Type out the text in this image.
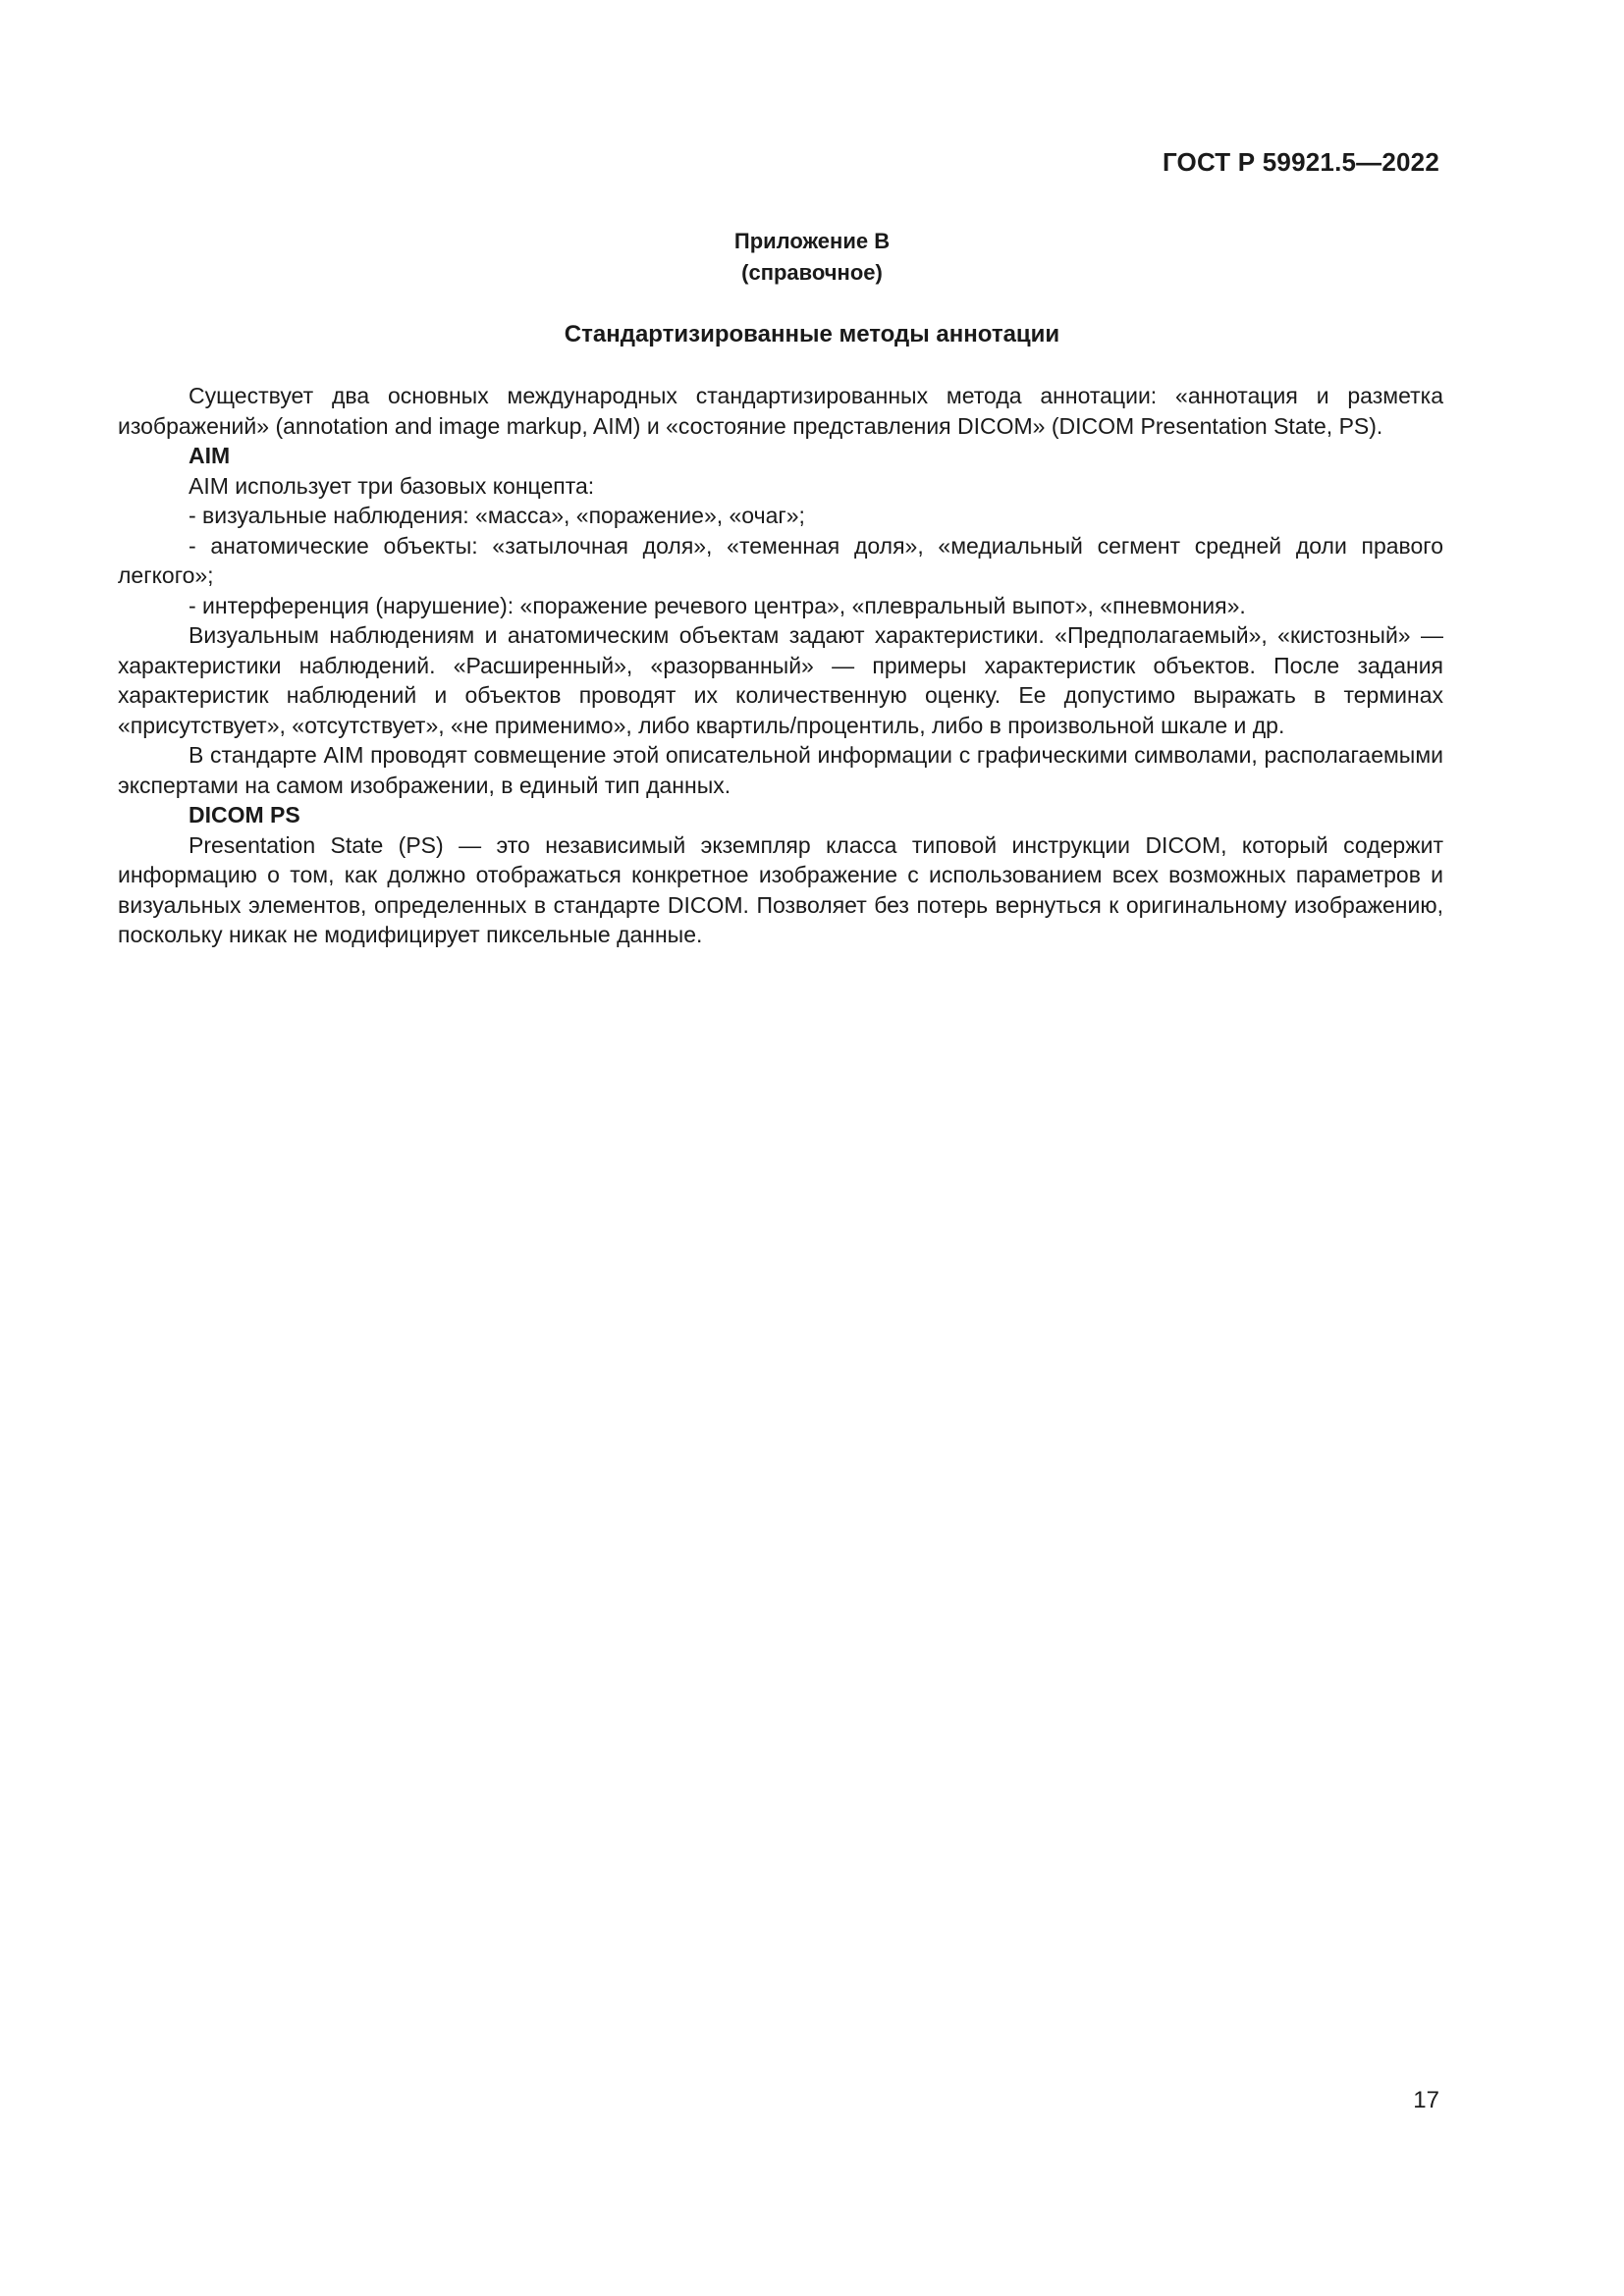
ГОСТ Р 59921.5—2022
Приложение В
(справочное)
Стандартизированные методы аннотации

Существует два основных международных стандартизированных метода аннотации: «аннотация и разметка изображений» (annotation and image markup, AIM) и «состояние представления DICOM» (DICOM Presentation State, PS).

AIM

AIM использует три базовых концепта:

- визуальные наблюдения: «масса», «поражение», «очаг»;

- анатомические объекты: «затылочная доля», «теменная доля», «медиальный сегмент средней доли правого легкого»;

- интерференция (нарушение): «поражение речевого центра», «плевральный выпот», «пневмония».

Визуальным наблюдениям и анатомическим объектам задают характеристики. «Предполагаемый», «кистозный» — характеристики наблюдений. «Расширенный», «разорванный» — примеры характеристик объектов. После задания характеристик наблюдений и объектов проводят их количественную оценку. Ее допустимо выражать в терминах «присутствует», «отсутствует», «не применимо», либо квартиль/процентиль, либо в произвольной шкале и др.

В стандарте AIM проводят совмещение этой описательной информации с графическими символами, располагаемыми экспертами на самом изображении, в единый тип данных.

DICOM PS

Presentation State (PS) — это независимый экземпляр класса типовой инструкции DICOM, который содержит информацию о том, как должно отображаться конкретное изображение с использованием всех возможных параметров и визуальных элементов, определенных в стандарте DICOM. Позволяет без потерь вернуться к оригинальному изображению, поскольку никак не модифицирует пиксельные данные.

17
